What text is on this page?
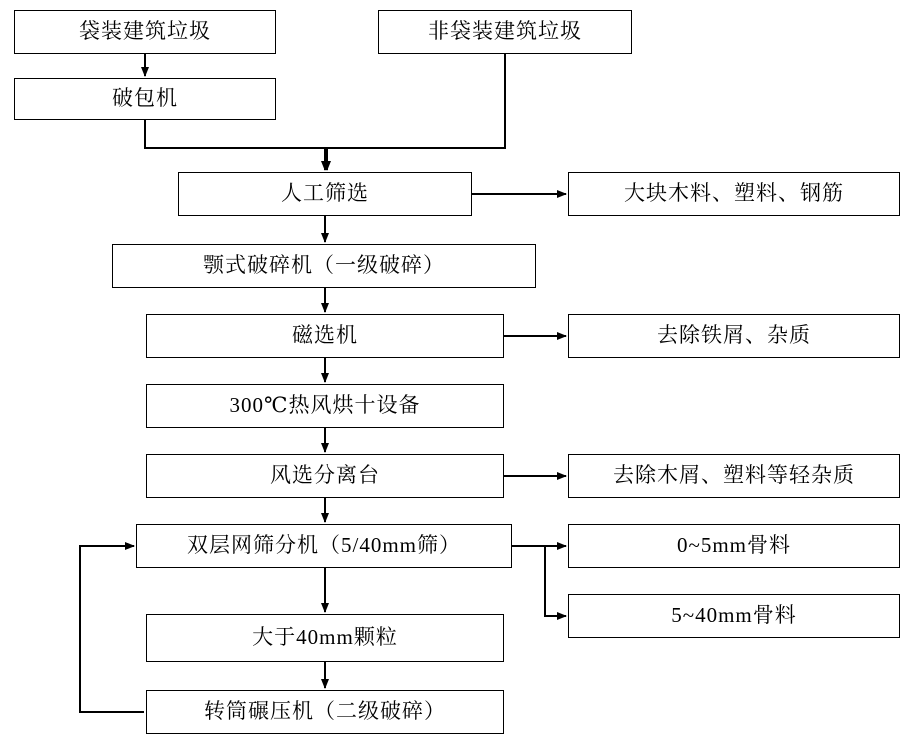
袋装建筑垃圾	非袋装建筑垃圾
破包机
人工筛选	大块木料、塑料、钢筋
颚式破碎机（一级破碎）
磁选机	去除铁屑、杂质
300℃热风烘十设备
风选分离台	去除木屑、塑料等轻杂质
双层网筛分机（5/40mm筛）	0~5mm骨料
5~40mm骨料
大于40mm颗粒
转筒碾压机（二级破碎）
